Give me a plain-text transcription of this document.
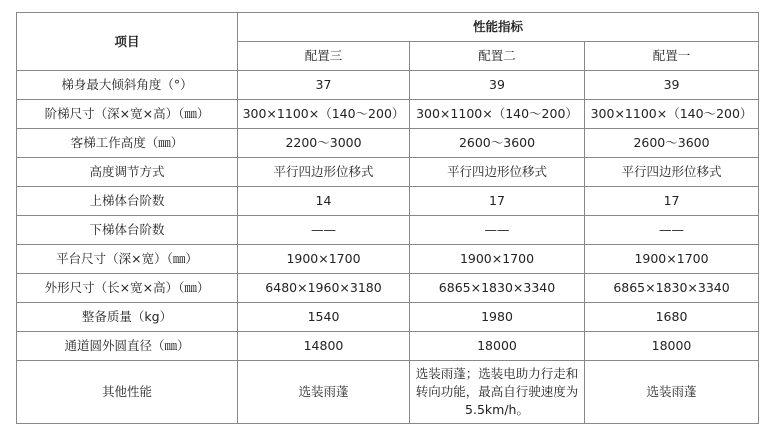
项目	性能指标		
	配置三	配置二	配置一
梯身最大倾斜角度（°）	37	39	39
阶梯尺寸（深×宽×高）（㎜）	300×1100×（140～200）	300×1100×（140～200）	300×1100×（140～200）
客梯工作高度（㎜）	2200～3000	2600～3600	2600～3600
高度调节方式	平行四边形位移式	平行四边形位移式	平行四边形位移式
上梯体台阶数	14	17	17
下梯体台阶数	——	——	——
平台尺寸（深×宽）（㎜）	1900×1700	1900×1700	1900×1700
外形尺寸（长×宽×高）（㎜）	6480×1960×3180	6865×1830×3340	6865×1830×3340
整备质量（kg）	1540	1980	1680
通道圆外圆直径（㎜）	14800	18000	18000
其他性能	选装雨蓬	选装雨蓬；选装电助力行走和转向功能，最高自行驶速度为5.5km/h。	选装雨蓬
